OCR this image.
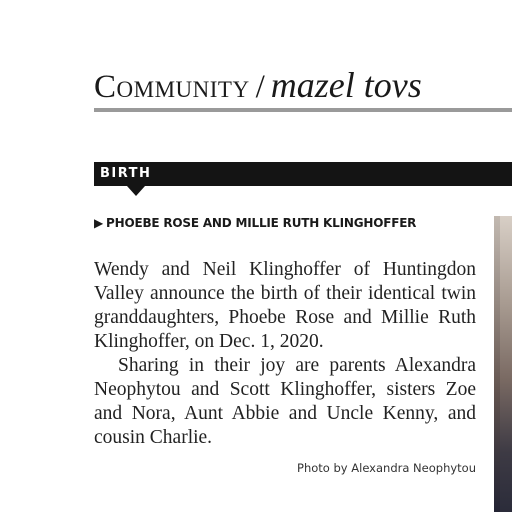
Community / mazel tovs
BIRTH
▶ PHOEBE ROSE AND MILLIE RUTH KLINGHOFFER

Wendy and Neil Klinghoffer of Huntingdon Valley announce the birth of their identical twin granddaughters, Phoebe Rose and Millie Ruth Klinghoffer, on Dec. 1, 2020.

Sharing in their joy are parents Alexandra Neophytou and Scott Klinghoffer, sisters Zoe and Nora, Aunt Abbie and Uncle Kenny, and cousin Charlie.

Photo by Alexandra Neophytou
